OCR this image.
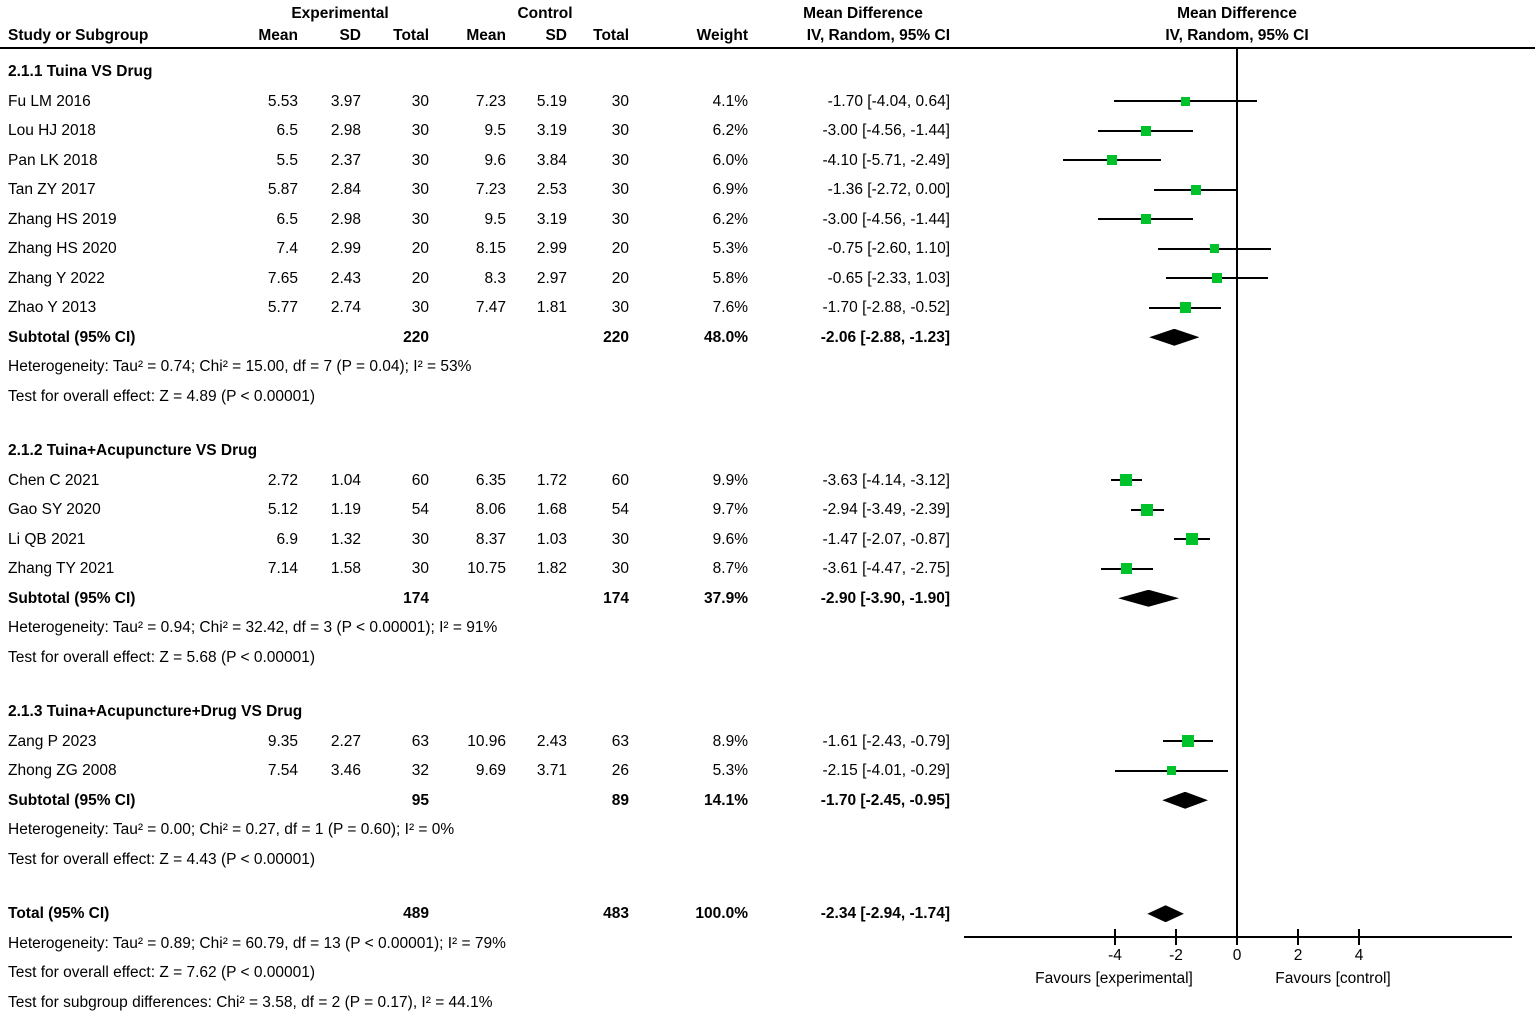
Experimental	Control	Mean Difference	Mean Difference
Study or Subgroup	Mean	SD Total Mean	SD Total	Weight	IV, Random, 95% CI	IV, Random, 95% CI
2.1.1 Tuina VS Drug
Fu LM 2016	5.53 3.97	30	7.23 5.19	30	4.1%	-1.70 [-4.04, 0.64]
Lou HJ 2018	6.5 2.98	30	9.5 3.19	30	6.2%	-3.00 [-4.56, -1.44]
Pan LK 2018	5.5 2.37	30	9.6 3.84	30	6.0%	-4.10 [-5.71, -2.49]
Tan ZY 2017	5.87 2.84	30	7.23 2.53	30	6.9%	-1.36 [-2.72, 0.00]
Zhang HS 2019	6.5 2.98	30	9.5 3.19	30	6.2%	-3.00 [-4.56, -1.44]
Zhang HS 2020	7.4 2.99	20	8.15 2.99	20	5.3%	-0.75 [-2.60, 1.10]
Zhang Y 2022	7.65 2.43	20	8.3 2.97	20	5.8%	-0.65 [-2.33, 1.03]
Zhao Y 2013	5.77 2.74	30	7.47 1.81	30	7.6%	-1.70 [-2.88, -0.52]
Subtotal (95% CI)	220	220	48.0%	-2.06 [-2.88, -1.23]
Heterogeneity: Tau² = 0.74; Chi² = 15.00, df = 7 (P = 0.04); I² = 53%
Test for overall effect: Z = 4.89 (P < 0.00001)
2.1.2 Tuina+Acupuncture VS Drug
Chen C 2021	2.72 1.04	60	6.35 1.72	60	9.9%	-3.63 [-4.14, -3.12]
Gao SY 2020	5.12 1.19	54	8.06 1.68	54	9.7%	-2.94 [-3.49, -2.39]
Li QB 2021	6.9 1.32	30	8.37 1.03	30	9.6%	-1.47 [-2.07, -0.87]
Zhang TY 2021	7.14 1.58	30 10.75 1.82	30	8.7%	-3.61 [-4.47, -2.75]
Subtotal (95% CI)	174	174	37.9%	-2.90 [-3.90, -1.90]
Heterogeneity: Tau² = 0.94; Chi² = 32.42, df = 3 (P < 0.00001); I² = 91%
Test for overall effect: Z = 5.68 (P < 0.00001)
2.1.3 Tuina+Acupuncture+Drug VS Drug
Zang P 2023	9.35 2.27	63 10.96 2.43	63	8.9%	-1.61 [-2.43, -0.79]
Zhong ZG 2008	7.54 3.46	32	9.69 3.71	26	5.3%	-2.15 [-4.01, -0.29]
Subtotal (95% CI)	95	89	14.1%	-1.70 [-2.45, -0.95]
Heterogeneity: Tau² = 0.00; Chi² = 0.27, df = 1 (P = 0.60); I² = 0%
Test for overall effect: Z = 4.43 (P < 0.00001)
Total (95% CI)	489	483	100.0%	-2.34 [-2.94, -1.74]
Heterogeneity: Tau² = 0.89; Chi² = 60.79, df = 13 (P < 0.00001); I² = 79%
Test for overall effect: Z = 7.62 (P < 0.00001)
Test for subgroup differences: Chi² = 3.58, df = 2 (P = 0.17), I² = 44.1%
-4	-2	0	2	4
Favours [experimental]	Favours [control]
